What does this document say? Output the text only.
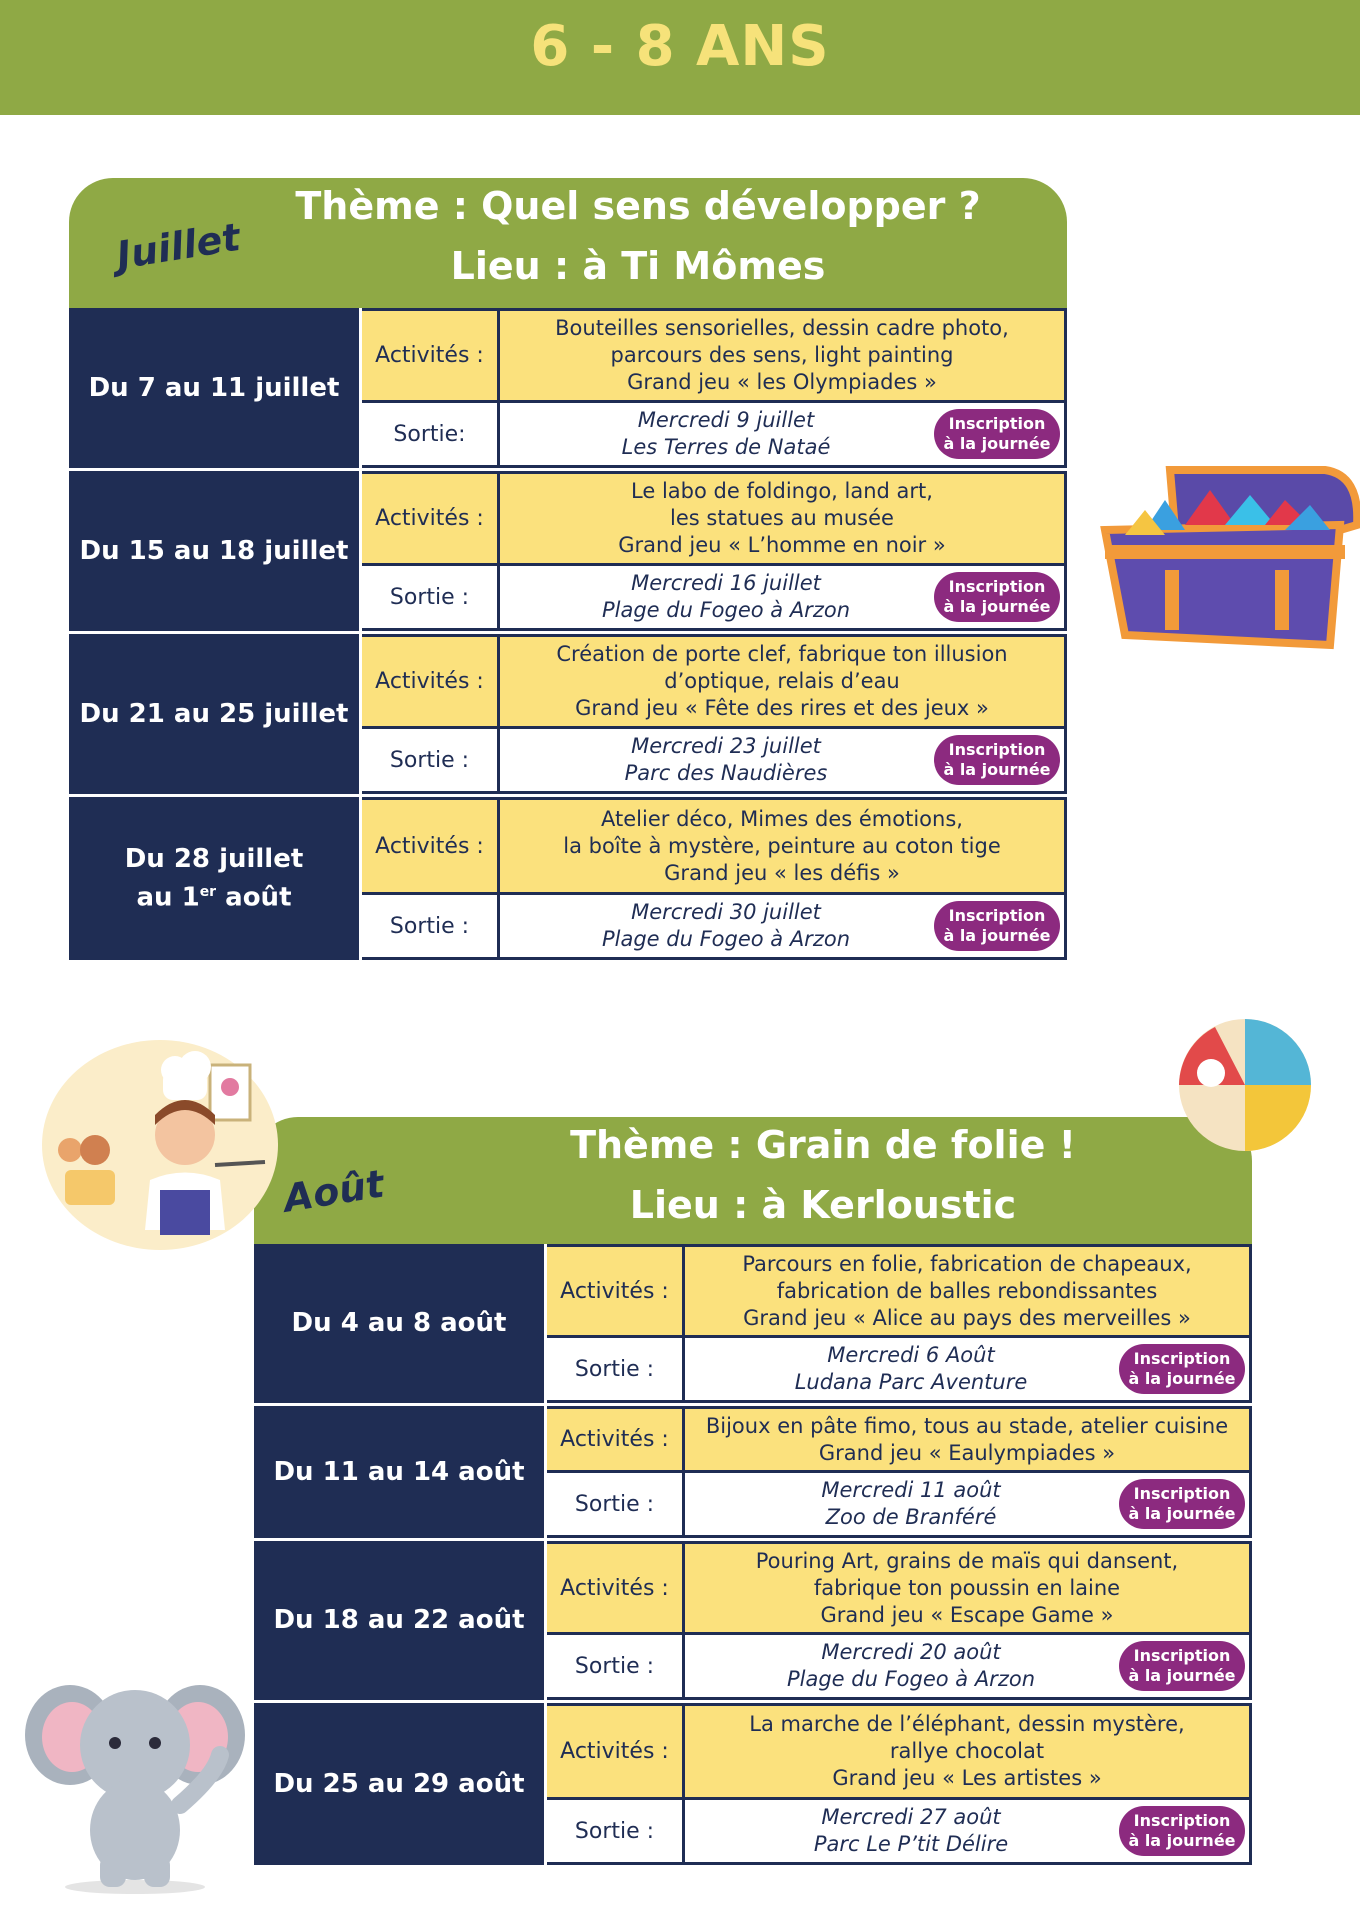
6 - 8 ANS
Juillet
Thème : Quel sens développer ?
Lieu : à Ti Mômes
Du 7 au 11 juillet
Activités :
Bouteilles sensorielles, dessin cadre photo,
parcours des sens, light painting
Grand jeu « les Olympiades »
Sortie:
Mercredi 9 juillet
Les Terres de Nataé
Inscription
à la journée
Du 15 au 18 juillet
Activités :
Le labo de foldingo, land art,
les statues au musée
Grand jeu « L’homme en noir »
Sortie :
Mercredi 16 juillet
Plage du Fogeo à Arzon
Inscription
à la journée
Du 21 au 25 juillet
Activités :
Création de porte clef, fabrique ton illusion
d’optique, relais d’eau
Grand jeu « Fête des rires et des jeux »
Sortie :
Mercredi 23 juillet
Parc des Naudières
Inscription
à la journée
Du 28 juillet
au 1er août
Activités :
Atelier déco, Mimes des émotions,
la boîte à mystère, peinture au coton tige
Grand jeu « les défis »
Sortie :
Mercredi 30 juillet
Plage du Fogeo à Arzon
Inscription
à la journée
Août
Thème : Grain de folie !
Lieu : à Kerloustic
Du 4 au 8 août
Activités :
Parcours en folie, fabrication de chapeaux,
fabrication de balles rebondissantes
Grand jeu « Alice au pays des merveilles »
Sortie :
Mercredi 6 Août
Ludana Parc Aventure
Inscription
à la journée
Du 11 au 14 août
Activités :
Bijoux en pâte fimo, tous au stade, atelier cuisine
Grand jeu « Eaulympiades »
Sortie :
Mercredi 11 août
Zoo de Branféré
Inscription
à la journée
Du 18 au 22 août
Activités :
Pouring Art, grains de maïs qui dansent,
fabrique ton poussin en laine
Grand jeu « Escape Game »
Sortie :
Mercredi 20 août
Plage du Fogeo à Arzon
Inscription
à la journée
Du 25 au 29 août
Activités :
La marche de l’éléphant, dessin mystère,
rallye chocolat
Grand jeu « Les artistes »
Sortie :
Mercredi 27 août
Parc Le P’tit Délire
Inscription
à la journée
